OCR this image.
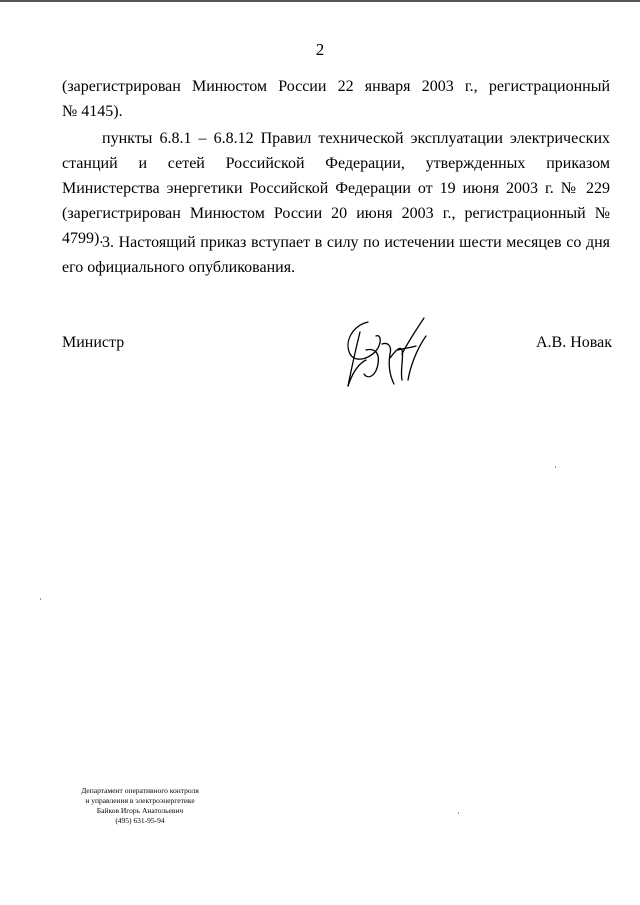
2
(зарегистрирован Минюстом России 22 января 2003 г., регистрационный
№ 4145).
пункты 6.8.1 – 6.8.12 Правил технической эксплуатации электрических станций и сетей Российской Федерации, утвержденных приказом Министерства энергетики Российской Федерации от 19 июня 2003 г. № 229 (зарегистрирован Минюстом России 20 июня 2003 г., регистрационный № 4799).
3. Настоящий приказ вступает в силу по истечении шести месяцев со дня его официального опубликования.
Министр	А.В. Новак
Департамент оперативного контроля
и управления в электроэнергетике
Байков Игорь Анатольевич
(495) 631-95-94
